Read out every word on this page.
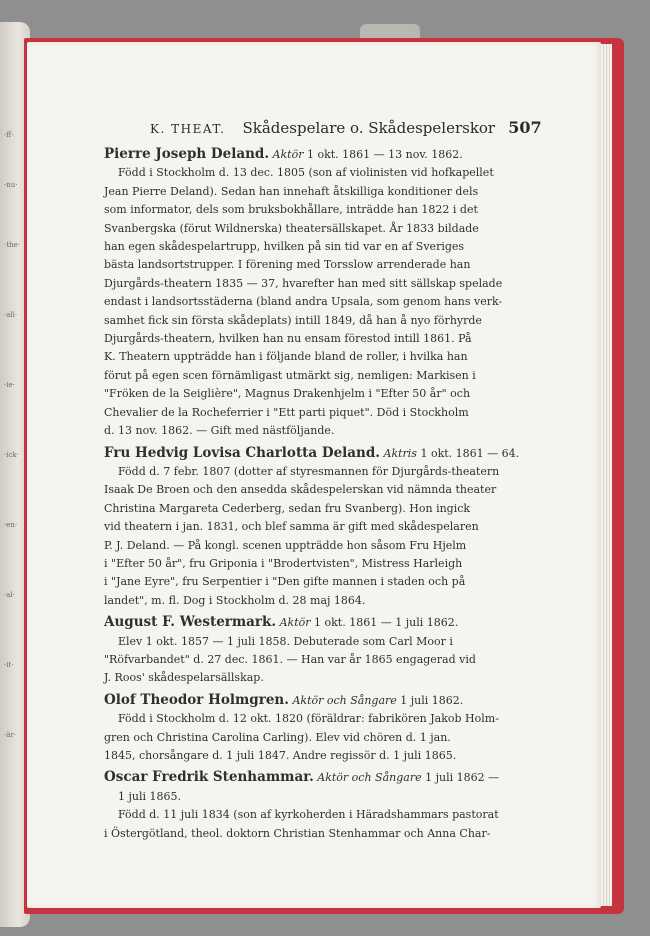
·ff·
·nu·
·the·
·all·
·ie·
·ick·
·en·
·al·
·it·
·är·
K. THEAT. Skådespelare o. Skådespelerskor 507
Pierre Joseph Deland. Aktör 1 okt. 1861 — 13 nov. 1862.
Född i Stockholm d. 13 dec. 1805 (son af violinisten vid hofkapellet
Jean Pierre Deland). Sedan han innehaft åtskilliga konditioner dels
som informator, dels som bruksbokhållare, inträdde han 1822 i det
Svanbergska (förut Wildnerska) theatersällskapet. År 1833 bildade
han egen skådespelartrupp, hvilken på sin tid var en af Sveriges
bästa landsortstrupper. I förening med Torsslow arrenderade han
Djurgårds-theatern 1835 — 37, hvarefter han med sitt sällskap spelade
endast i landsortsstäderna (bland andra Upsala, som genom hans verk-
samhet fick sin första skådeplats) intill 1849, då han å nyo förhyrde
Djurgårds-theatern, hvilken han nu ensam förestod intill 1861. På
K. Theatern uppträdde han i följande bland de roller, i hvilka han
förut på egen scen förnämligast utmärkt sig, nemligen: Markisen i
"Fröken de la Seiglière", Magnus Drakenhjelm i "Efter 50 år" och
Chevalier de la Rocheferrier i "Ett parti piquet". Död i Stockholm
d. 13 nov. 1862. — Gift med nästföljande.
Fru Hedvig Lovisa Charlotta Deland. Aktris 1 okt. 1861 — 64.
Född d. 7 febr. 1807 (dotter af styresmannen för Djurgårds-theatern
Isaak De Broen och den ansedda skådespelerskan vid nämnda theater
Christina Margareta Cederberg, sedan fru Svanberg). Hon ingick
vid theatern i jan. 1831, och blef samma är gift med skådespelaren
P. J. Deland. — På kongl. scenen uppträdde hon såsom Fru Hjelm
i "Efter 50 år", fru Griponia i "Brodertvisten", Mistress Harleigh
i "Jane Eyre", fru Serpentier i "Den gifte mannen i staden och på
landet", m. fl. Dog i Stockholm d. 28 maj 1864.
August F. Westermark. Aktör 1 okt. 1861 — 1 juli 1862.
Elev 1 okt. 1857 — 1 juli 1858. Debuterade som Carl Moor i
"Röfvarbandet" d. 27 dec. 1861. — Han var år 1865 engagerad vid
J. Roos' skådespelarsällskap.
Olof Theodor Holmgren. Aktör och Sångare 1 juli 1862.
Född i Stockholm d. 12 okt. 1820 (föräldrar: fabrikören Jakob Holm-
gren och Christina Carolina Carling). Elev vid chören d. 1 jan.
1845, chorsångare d. 1 juli 1847. Andre regissör d. 1 juli 1865.
Oscar Fredrik Stenhammar. Aktör och Sångare 1 juli 1862 —
1 juli 1865.
Född d. 11 juli 1834 (son af kyrkoherden i Häradshammars pastorat
i Östergötland, theol. doktorn Christian Stenhammar och Anna Char-
